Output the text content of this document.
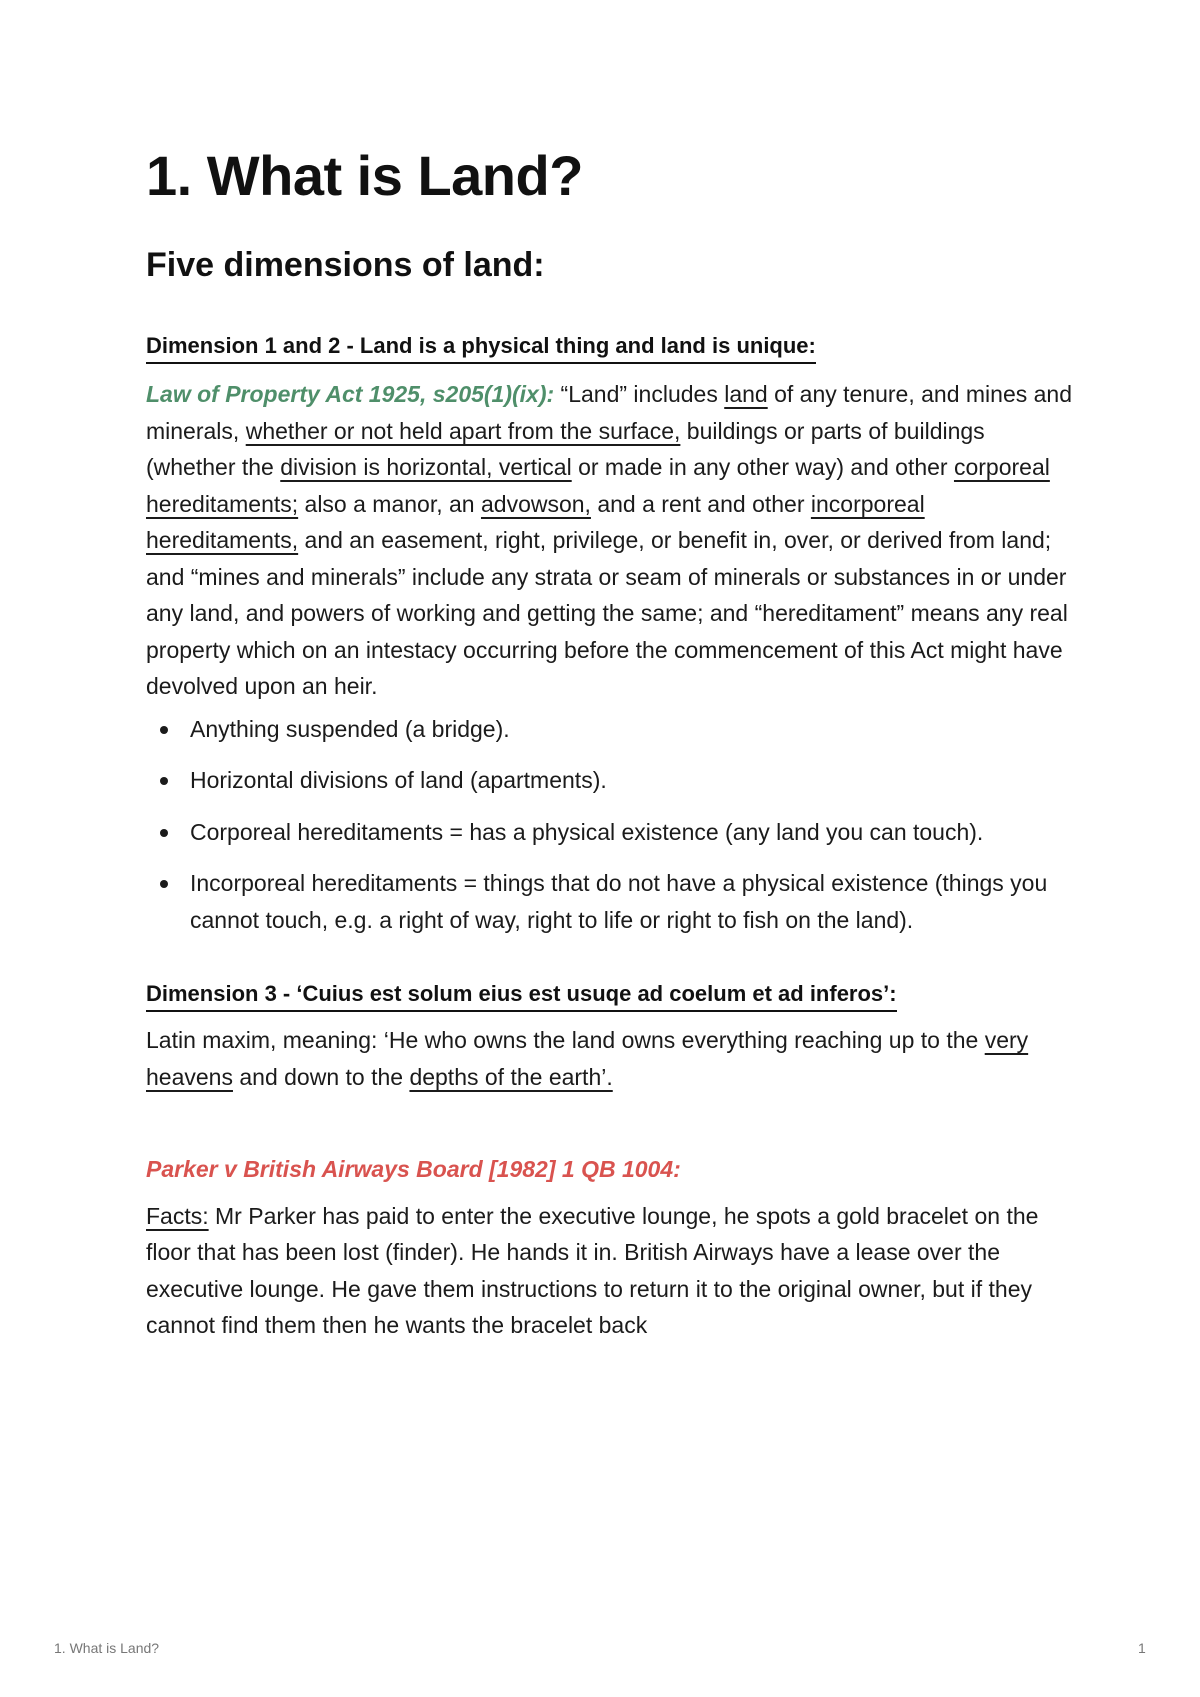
1. What is Land?
Five dimensions of land:
Dimension 1 and 2 - Land is a physical thing and land is unique:

Law of Property Act 1925, s205(1)(ix): “Land” includes land of any tenure, and mines and minerals, whether or not held apart from the surface, buildings or parts of buildings (whether the division is horizontal, vertical or made in any other way) and other corporeal hereditaments; also a manor, an advowson, and a rent and other incorporeal hereditaments, and an easement, right, privilege, or benefit in, over, or derived from land; and “mines and minerals” include any strata or seam of minerals or substances in or under any land, and powers of working and getting the same; and “hereditament” means any real property which on an intestacy occurring before the commencement of this Act might have devolved upon an heir.

Anything suspended (a bridge).
Horizontal divisions of land (apartments).
Corporeal hereditaments = has a physical existence (any land you can touch).
Incorporeal hereditaments = things that do not have a physical existence (things you cannot touch, e.g. a right of way, right to life or right to fish on the land).
Dimension 3 - ‘Cuius est solum eius est usuqe ad coelum et ad inferos’:

Latin maxim, meaning: ‘He who owns the land owns everything reaching up to the very heavens and down to the depths of the earth’.

Parker v British Airways Board [1982] 1 QB 1004:

Facts: Mr Parker has paid to enter the executive lounge, he spots a gold bracelet on the floor that has been lost (finder). He hands it in. British Airways have a lease over the executive lounge. He gave them instructions to return it to the original owner, but if they cannot find them then he wants the bracelet back

1. What is Land?	1
